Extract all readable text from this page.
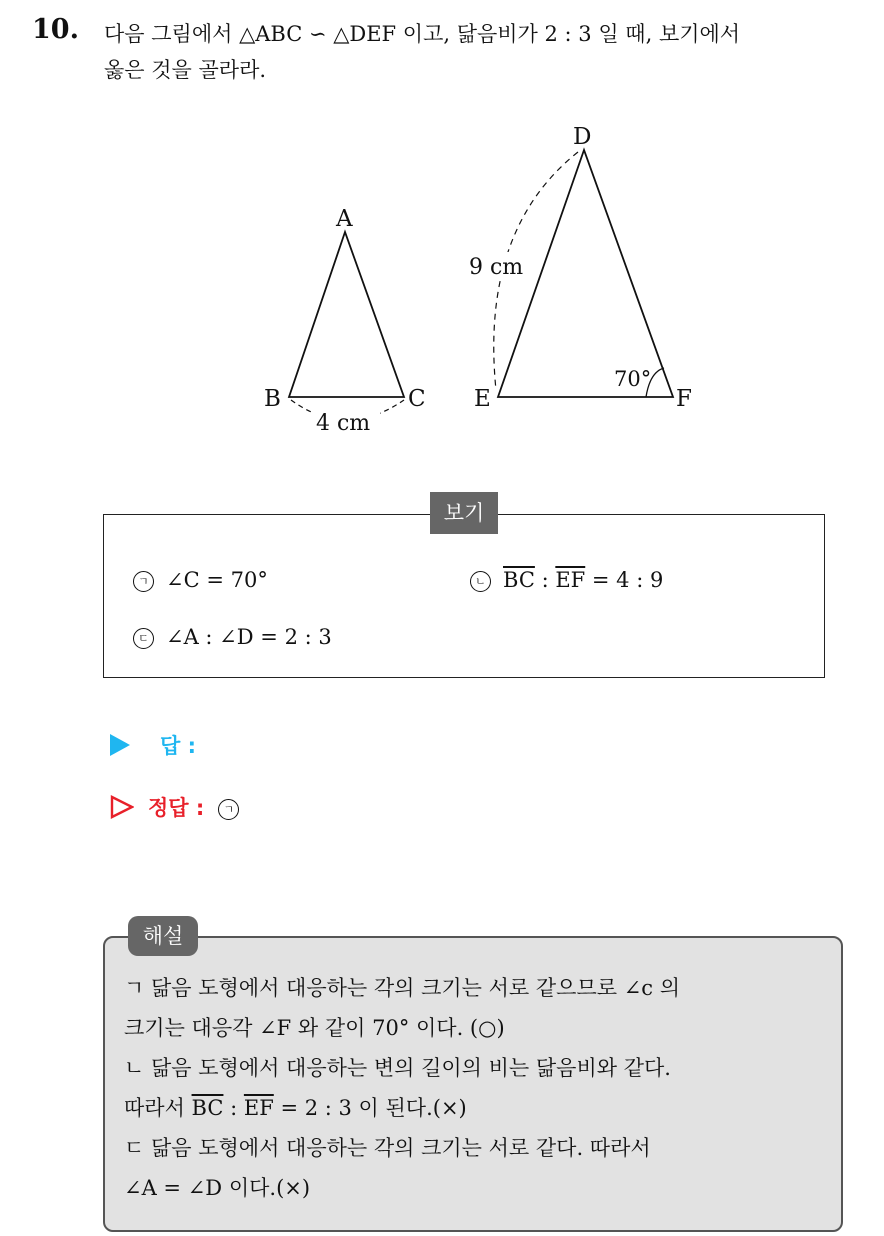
10. 다음 그림에서 △ABC ∽ △DEF 이고, 닮음비가 2 : 3 일 때, 보기에서
옳은 것을 골라라.
A
B	C
4 cm
D
E	F
9 cm
70°
보기
ㄱ ∠C = 70°	ㄴ $\overline{BC}$ : $\overline{EF} = 4$ : 9
ㄷ ∠A : ∠D = 2 : 3
답 :
정답 : ㄱ
해설
ㄱ 닮음 도형에서 대응하는 각의 크기는 서로 같으므로 ∠c 의
크기는 대응각 ∠F 와 같이 70° 이다. (○)
ㄴ 닮음 도형에서 대응하는 변의 길이의 비는 닮음비와 같다.
따라서 $\overline{BC}$ : $\overline{EF} = 2$ : 3 이 된다.(×)
ㄷ 닮음 도형에서 대응하는 각의 크기는 서로 같다. 따라서
∠A = ∠D 이다.(×)
